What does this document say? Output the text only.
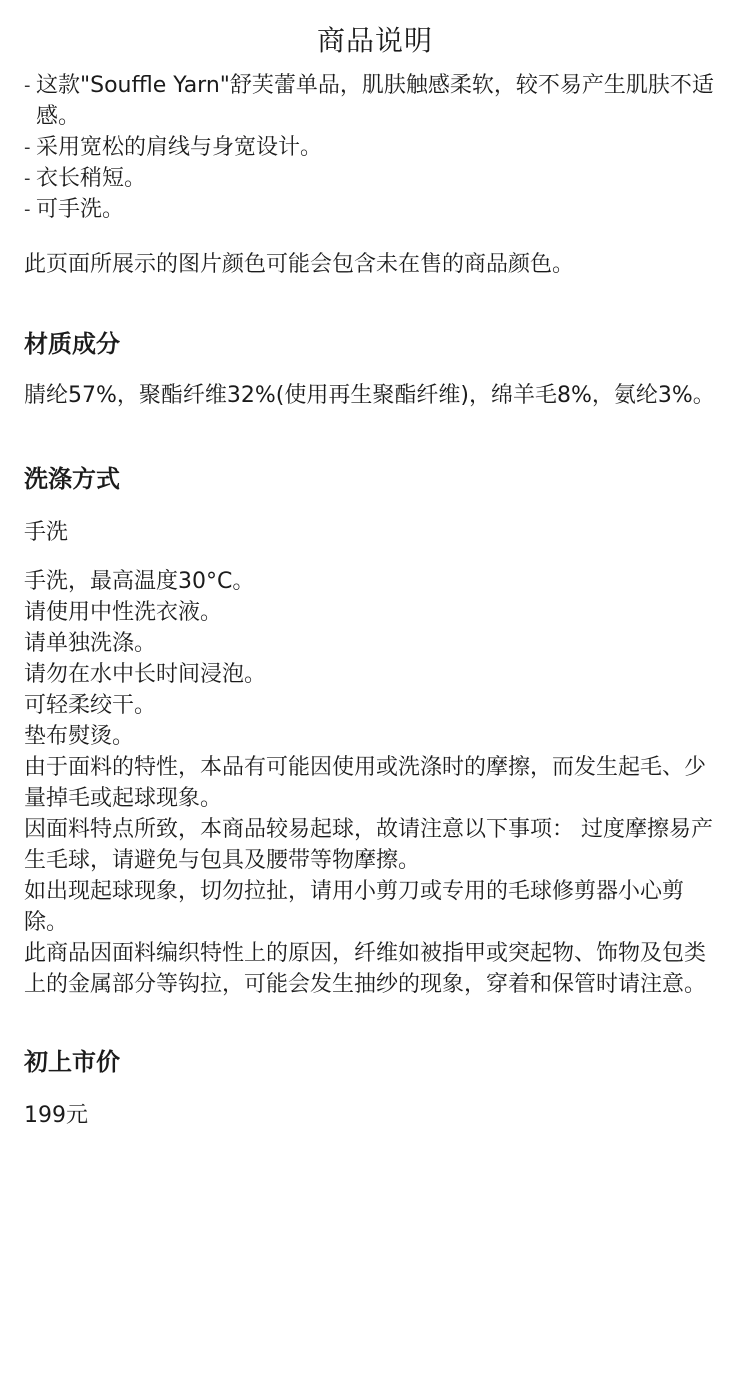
商品说明
- 这款"Souffle Yarn"舒芙蕾单品，肌肤触感柔软，较不易产生肌肤不适感。
- 采用宽松的肩线与身宽设计。
- 衣长稍短。
- 可手洗。

此页面所展示的图片颜色可能会包含未在售的商品颜色。

材质成分

腈纶57%，聚酯纤维32%(使用再生聚酯纤维)，绵羊毛8%，氨纶3%。

洗涤方式

手洗

手洗，最高温度30°C。
请使用中性洗衣液。
请单独洗涤。
请勿在水中长时间浸泡。
可轻柔绞干。
垫布熨烫。
由于面料的特性，本品有可能因使用或洗涤时的摩擦，而发生起毛、少量掉毛或起球现象。
因面料特点所致，本商品较易起球，故请注意以下事项： 过度摩擦易产生毛球，请避免与包具及腰带等物摩擦。
如出现起球现象，切勿拉扯，请用小剪刀或专用的毛球修剪器小心剪除。
此商品因面料编织特性上的原因，纤维如被指甲或突起物、饰物及包类上的金属部分等钩拉，可能会发生抽纱的现象，穿着和保管时请注意。
初上市价

199元
